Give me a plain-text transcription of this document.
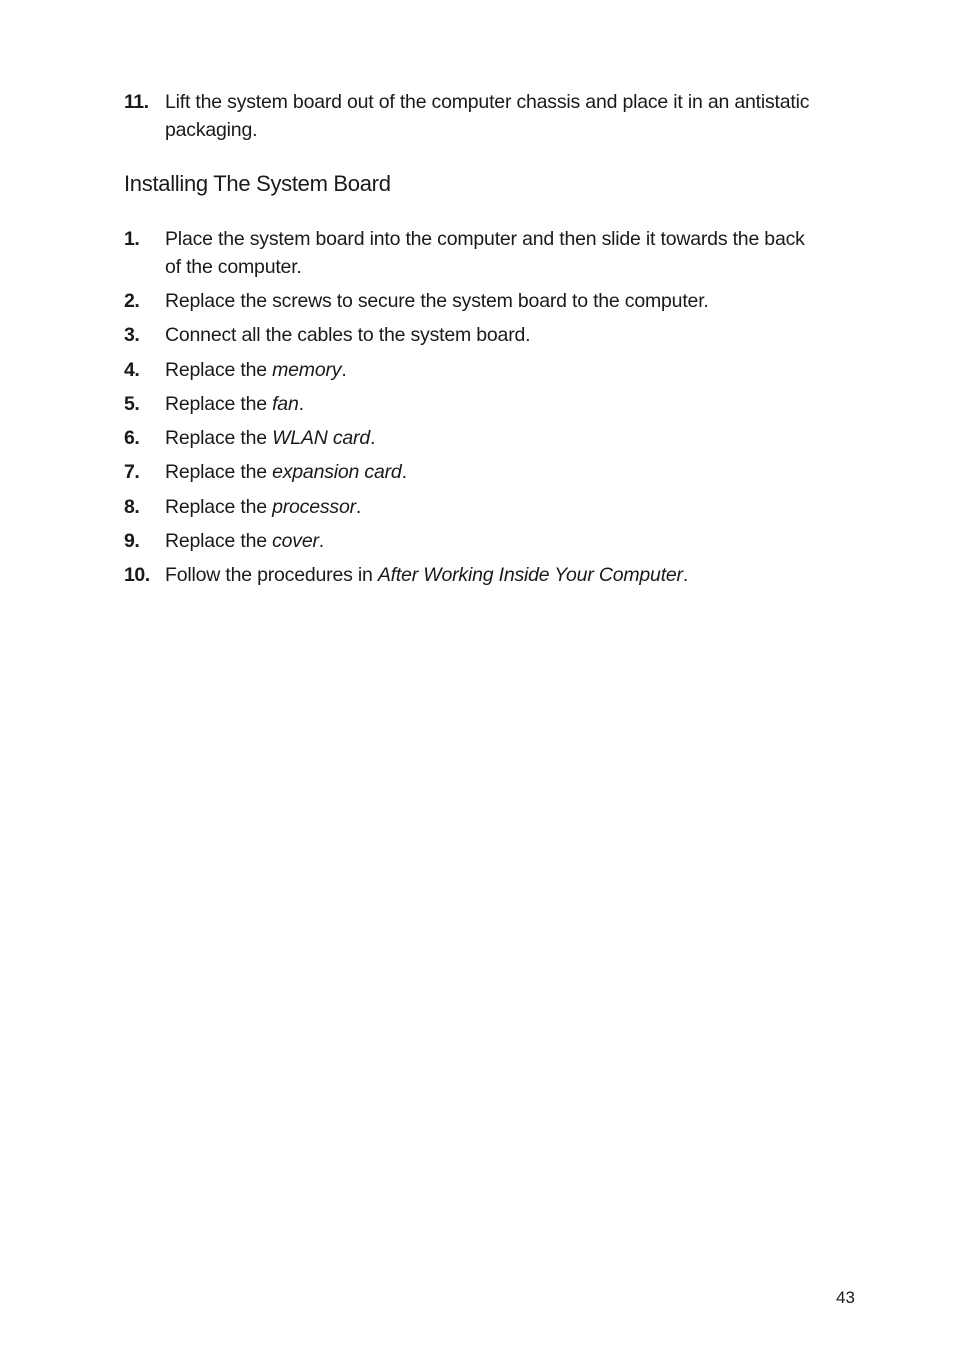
11. Lift the system board out of the computer chassis and place it in an antistatic packaging.
Installing The System Board
1. Place the system board into the computer and then slide it towards the back of the computer.
2. Replace the screws to secure the system board to the computer.
3. Connect all the cables to the system board.
4. Replace the memory.
5. Replace the fan.
6. Replace the WLAN card.
7. Replace the expansion card.
8. Replace the processor.
9. Replace the cover.
10. Follow the procedures in After Working Inside Your Computer.
43
